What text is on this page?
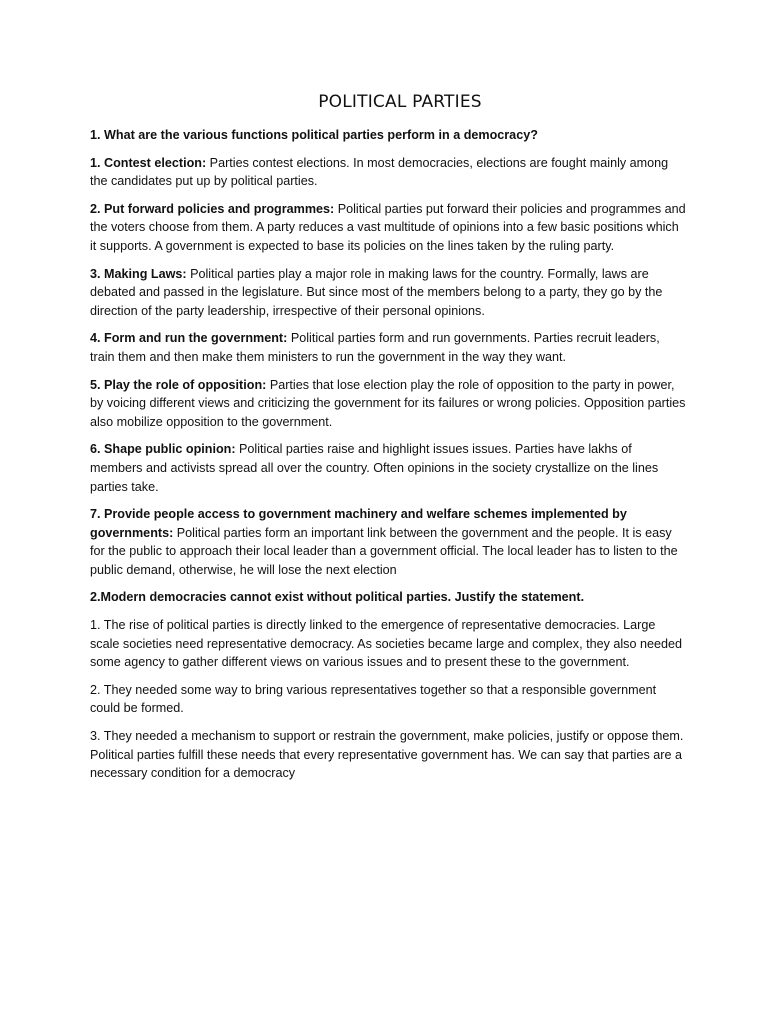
POLITICAL PARTIES

1. What are the various functions political parties perform in a democracy?

1. Contest election: Parties contest elections. In most democracies, elections are fought mainly among the candidates put up by political parties.

2. Put forward policies and programmes: Political parties put forward their policies and programmes and the voters choose from them. A party reduces a vast multitude of opinions into a few basic positions which it supports. A government is expected to base its policies on the lines taken by the ruling party.

3. Making Laws: Political parties play a major role in making laws for the country. Formally, laws are debated and passed in the legislature. But since most of the members belong to a party, they go by the direction of the party leadership, irrespective of their personal opinions.

4. Form and run the government: Political parties form and run governments. Parties recruit leaders, train them and then make them ministers to run the government in the way they want.

5. Play the role of opposition: Parties that lose election play the role of opposition to the party in power, by voicing different views and criticizing the government for its failures or wrong policies. Opposition parties also mobilize opposition to the government.

6. Shape public opinion: Political parties raise and highlight issues issues. Parties have lakhs of members and activists spread all over the country. Often opinions in the society crystallize on the lines parties take.

7. Provide people access to government machinery and welfare schemes implemented by governments: Political parties form an important link between the government and the people. It is easy for the public to approach their local leader than a government official. The local leader has to listen to the public demand, otherwise, he will lose the next election

2.Modern democracies cannot exist without political parties. Justify the statement.

1. The rise of political parties is directly linked to the emergence of representative democracies. Large scale societies need representative democracy. As societies became large and complex, they also needed some agency to gather different views on various issues and to present these to the government.

2. They needed some way to bring various representatives together so that a responsible government could be formed.

3. They needed a mechanism to support or restrain the government, make policies, justify or oppose them. Political parties fulfill these needs that every representative government has. We can say that parties are a necessary condition for a democracy
